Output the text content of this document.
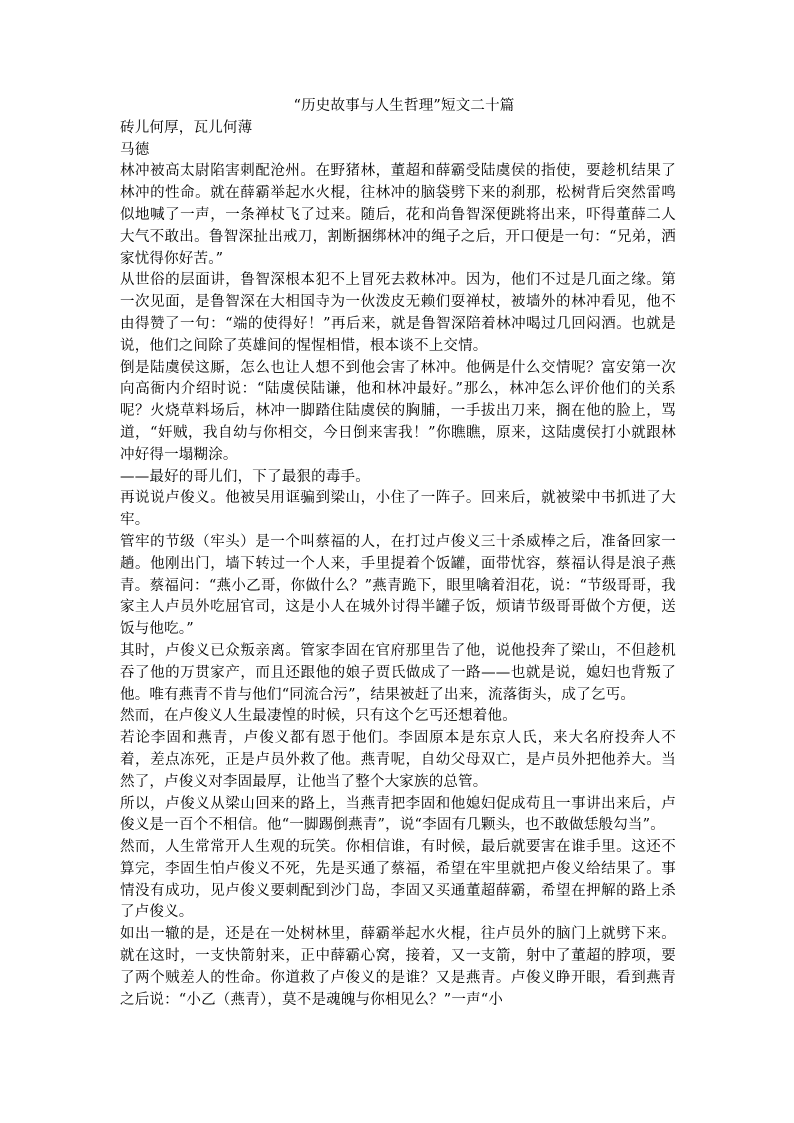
“历史故事与人生哲理”短文二十篇

砖儿何厚，瓦儿何薄

马德

林冲被高太尉陷害刺配沧州。在野猪林，董超和薛霸受陆虞侯的指使，要趁机结果了林冲的性命。就在薛霸举起水火棍，往林冲的脑袋劈下来的刹那，松树背后突然雷鸣似地喊了一声，一条禅杖飞了过来。随后，花和尚鲁智深便跳将出来，吓得董薛二人大气不敢出。鲁智深扯出戒刀，割断捆绑林冲的绳子之后，开口便是一句：“兄弟，洒家忧得你好苦。”

从世俗的层面讲，鲁智深根本犯不上冒死去救林冲。因为，他们不过是几面之缘。第一次见面，是鲁智深在大相国寺为一伙泼皮无赖们耍禅杖，被墙外的林冲看见，他不由得赞了一句：“端的使得好！”再后来，就是鲁智深陪着林冲喝过几回闷酒。也就是说，他们之间除了英雄间的惺惺相惜，根本谈不上交情。

倒是陆虞侯这厮，怎么也让人想不到他会害了林冲。他俩是什么交情呢？富安第一次向高衙内介绍时说：“陆虞侯陆谦，他和林冲最好。”那么，林冲怎么评价他们的关系呢？火烧草料场后，林冲一脚踏住陆虞侯的胸脯，一手拔出刀来，搁在他的脸上，骂道，“奸贼，我自幼与你相交，今日倒来害我！”你瞧瞧，原来，这陆虞侯打小就跟林冲好得一塌糊涂。

——最好的哥儿们，下了最狠的毒手。

再说说卢俊义。他被吴用诓骗到梁山，小住了一阵子。回来后，就被梁中书抓进了大牢。

管牢的节级（牢头）是一个叫蔡福的人，在打过卢俊义三十杀威棒之后，准备回家一趟。他刚出门，墙下转过一个人来，手里提着个饭罐，面带忧容，蔡福认得是浪子燕青。蔡福问：“燕小乙哥，你做什么？”燕青跪下，眼里噙着泪花，说：“节级哥哥，我家主人卢员外吃屈官司，这是小人在城外讨得半罐子饭，烦请节级哥哥做个方便，送饭与他吃。”

其时，卢俊义已众叛亲离。管家李固在官府那里告了他，说他投奔了梁山，不但趁机吞了他的万贯家产，而且还跟他的娘子贾氏做成了一路——也就是说，媳妇也背叛了他。唯有燕青不肯与他们“同流合污”，结果被赶了出来，流落街头，成了乞丐。

然而，在卢俊义人生最凄惶的时候，只有这个乞丐还想着他。

若论李固和燕青，卢俊义都有恩于他们。李固原本是东京人氏，来大名府投奔人不着，差点冻死，正是卢员外救了他。燕青呢，自幼父母双亡，是卢员外把他养大。当然了，卢俊义对李固最厚，让他当了整个大家族的总管。

所以，卢俊义从梁山回来的路上，当燕青把李固和他媳妇促成苟且一事讲出来后，卢俊义是一百个不相信。他“一脚踢倒燕青”，说“李固有几颗头，也不敢做恁般勾当”。

然而，人生常常开人生观的玩笑。你相信谁，有时候，最后就要害在谁手里。这还不算完，李固生怕卢俊义不死，先是买通了蔡福，希望在牢里就把卢俊义给结果了。事情没有成功，见卢俊义要刺配到沙门岛，李固又买通董超薛霸，希望在押解的路上杀了卢俊义。

如出一辙的是，还是在一处树林里，薛霸举起水火棍，往卢员外的脑门上就劈下来。就在这时，一支快箭射来，正中薛霸心窝，接着，又一支箭，射中了董超的脖项，要了两个贼差人的性命。你道救了卢俊义的是谁？又是燕青。卢俊义睁开眼，看到燕青之后说：“小乙（燕青），莫不是魂魄与你相见么？”一声“小
